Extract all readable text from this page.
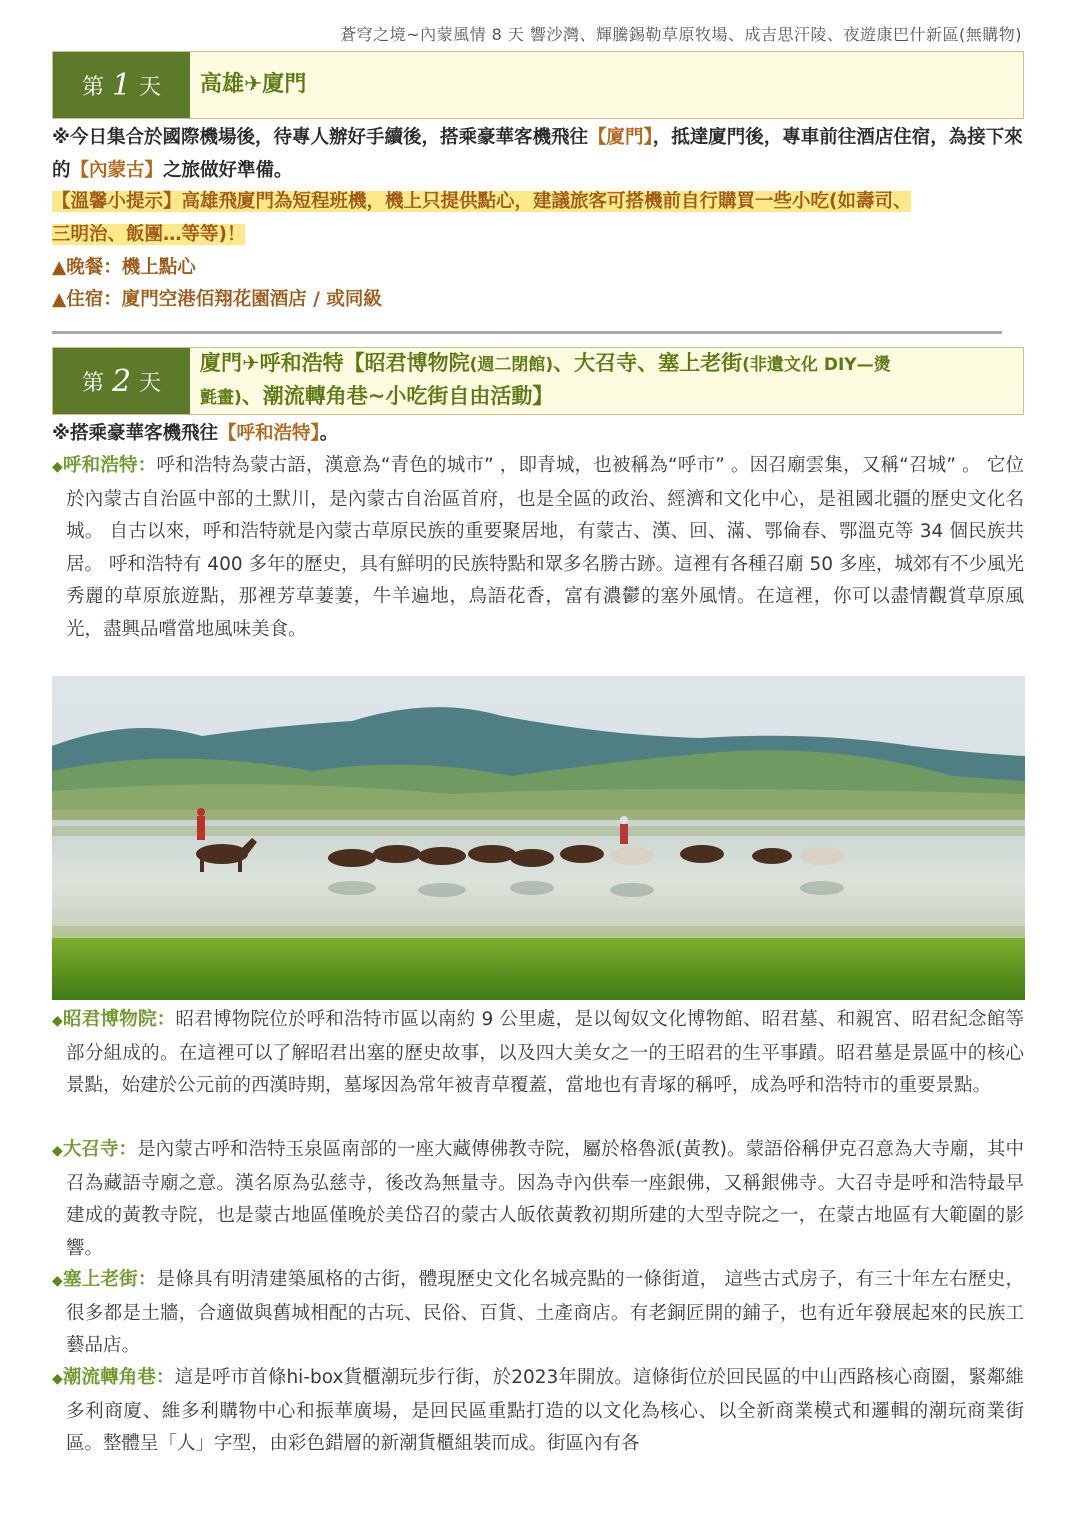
蒼穹之境~內蒙風情 8 天 響沙灣、輝騰錫勒草原牧場、成吉思汗陵、夜遊康巴什新區(無購物)
第 1 天	高雄✈廈門
※今日集合於國際機場後，待專人辦好手續後，搭乘豪華客機飛往【廈門】，抵達廈門後，專車前往酒店住宿，為接下來的【內蒙古】之旅做好準備。
【溫馨小提示】高雄飛廈門為短程班機，機上只提供點心，建議旅客可搭機前自行購買一些小吃(如壽司、
三明治、飯團…等等)！
▲晚餐：機上點心
▲住宿：廈門空港佰翔花園酒店 / 或同級
第 2 天
廈門✈呼和浩特【昭君博物院(週二閉館)、大召寺、塞上老街(非遺文化 DIY—燙
氈畫)、潮流轉角巷~小吃街自由活動】
※搭乘豪華客機飛往【呼和浩特】。
◆呼和浩特：呼和浩特為蒙古語，漢意為“青色的城市” ，即青城，也被稱為“呼市” 。因召廟雲集，又稱“召城” 。 它位於內蒙古自治區中部的土默川，是內蒙古自治區首府，也是全區的政治、經濟和文化中心，是祖國北疆的歷史文化名城。 自古以來，呼和浩特就是內蒙古草原民族的重要聚居地，有蒙古、漢、回、滿、鄂倫春、鄂溫克等 34 個民族共居。 呼和浩特有 400 多年的歷史，具有鮮明的民族特點和眾多名勝古跡。這裡有各種召廟 50 多座，城郊有不少風光秀麗的草原旅遊點，那裡芳草萋萋，牛羊遍地，鳥語花香，富有濃鬱的塞外風情。在這裡，你可以盡情觀賞草原風光，盡興品嚐當地風味美食。
◆昭君博物院：昭君博物院位於呼和浩特市區以南約 9 公里處，是以匈奴文化博物館、昭君墓、和親宮、昭君紀念館等部分組成的。在這裡可以了解昭君出塞的歷史故事，以及四大美女之一的王昭君的生平事蹟。昭君墓是景區中的核心景點，始建於公元前的西漢時期，墓塚因為常年被青草覆蓋，當地也有青塚的稱呼，成為呼和浩特市的重要景點。
◆大召寺：是內蒙古呼和浩特玉泉區南部的一座大藏傳佛教寺院，屬於格魯派(黃教)。蒙語俗稱伊克召意為大寺廟，其中召為藏語寺廟之意。漢名原為弘慈寺，後改為無量寺。因為寺內供奉一座銀佛，又稱銀佛寺。大召寺是呼和浩特最早建成的黃教寺院，也是蒙古地區僅晚於美岱召的蒙古人皈依黃教初期所建的大型寺院之一，在蒙古地區有大範圍的影響。
◆塞上老街：是條具有明清建築風格的古街，體現歷史文化名城亮點的一條街道， 這些古式房子，有三十年左右歷史，很多都是土牆，合適做與舊城相配的古玩、民俗、百貨、土產商店。有老銅匠開的鋪子，也有近年發展起來的民族工藝品店。
◆潮流轉角巷：這是呼市首條hi-box貨櫃潮玩步行街，於2023年開放。這條街位於回民區的中山西路核心商圈，緊鄰維多利商廈、維多利購物中心和振華廣場，是回民區重點打造的以文化為核心、以全新商業模式和邏輯的潮玩商業街區。整體呈「人」字型，由彩色錯層的新潮貨櫃組裝而成。街區內有各
